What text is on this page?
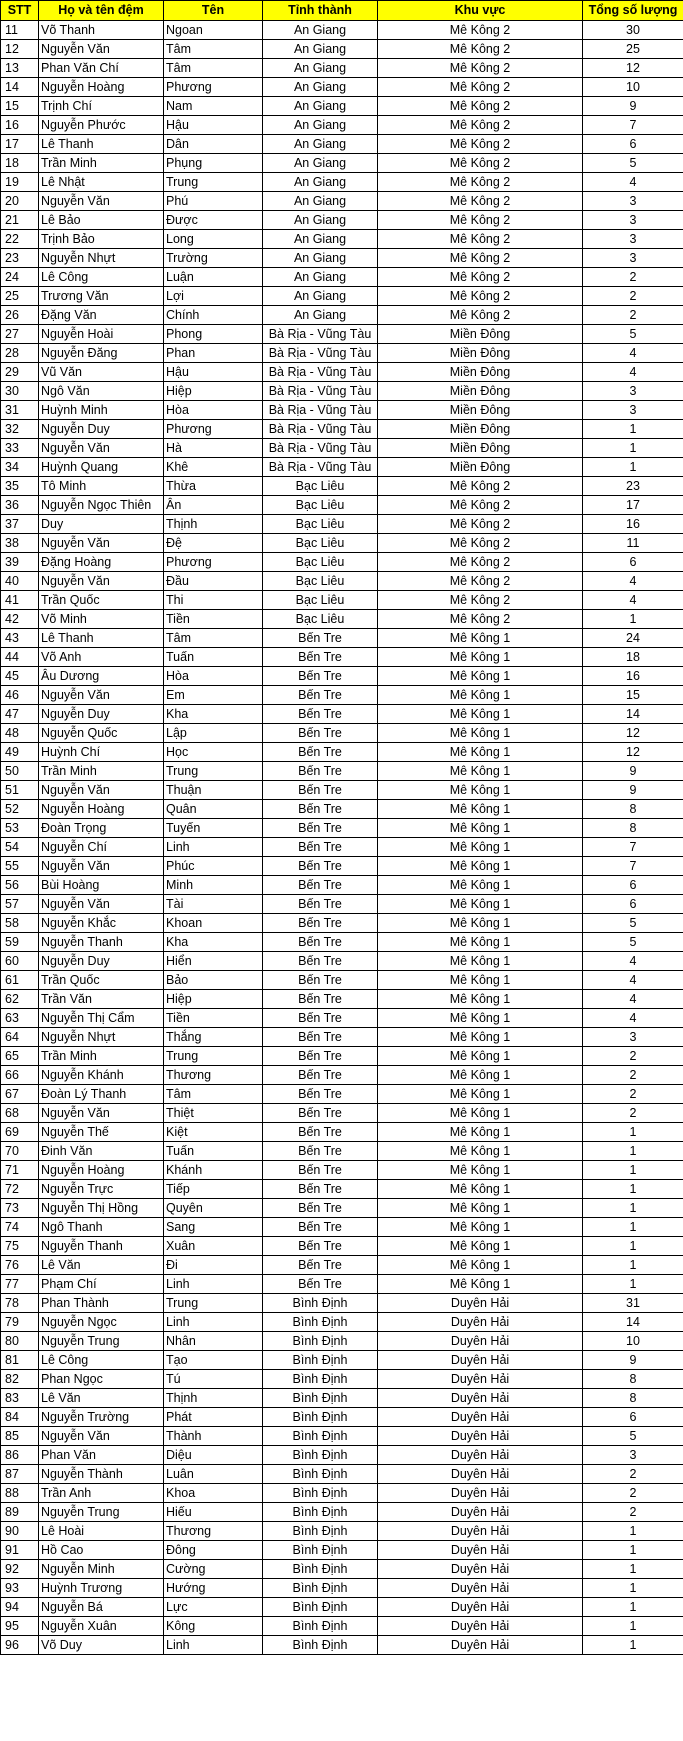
STT	Họ và tên đệm	Tên	Tỉnh thành	Khu vực	Tổng số lượng
11	Võ Thanh	Ngoan	An Giang	Mê Kông 2	30
12	Nguyễn Văn	Tâm	An Giang	Mê Kông 2	25
13	Phan Văn Chí	Tâm	An Giang	Mê Kông 2	12
14	Nguyễn Hoàng	Phương	An Giang	Mê Kông 2	10
15	Trịnh Chí	Nam	An Giang	Mê Kông 2	9
16	Nguyễn Phước	Hậu	An Giang	Mê Kông 2	7
17	Lê Thanh	Dân	An Giang	Mê Kông 2	6
18	Trần Minh	Phụng	An Giang	Mê Kông 2	5
19	Lê Nhật	Trung	An Giang	Mê Kông 2	4
20	Nguyễn Văn	Phú	An Giang	Mê Kông 2	3
21	Lê Bảo	Được	An Giang	Mê Kông 2	3
22	Trịnh Bảo	Long	An Giang	Mê Kông 2	3
23	Nguyễn Nhựt	Trường	An Giang	Mê Kông 2	3
24	Lê Công	Luận	An Giang	Mê Kông 2	2
25	Trương Văn	Lợi	An Giang	Mê Kông 2	2
26	Đặng Văn	Chính	An Giang	Mê Kông 2	2
27	Nguyễn Hoài	Phong	Bà Rịa - Vũng Tàu	Miền Đông	5
28	Nguyễn Đăng	Phan	Bà Rịa - Vũng Tàu	Miền Đông	4
29	Vũ Văn	Hậu	Bà Rịa - Vũng Tàu	Miền Đông	4
30	Ngô Văn	Hiệp	Bà Rịa - Vũng Tàu	Miền Đông	3
31	Huỳnh Minh	Hòa	Bà Rịa - Vũng Tàu	Miền Đông	3
32	Nguyễn Duy	Phương	Bà Rịa - Vũng Tàu	Miền Đông	1
33	Nguyễn Văn	Hà	Bà Rịa - Vũng Tàu	Miền Đông	1
34	Huỳnh Quang	Khê	Bà Rịa - Vũng Tàu	Miền Đông	1
35	Tô Minh	Thừa	Bạc Liêu	Mê Kông 2	23
36	Nguyễn Ngọc Thiên	Ân	Bạc Liêu	Mê Kông 2	17
37	Duy	Thịnh	Bạc Liêu	Mê Kông 2	16
38	Nguyễn Văn	Đệ	Bạc Liêu	Mê Kông 2	11
39	Đặng Hoàng	Phương	Bạc Liêu	Mê Kông 2	6
40	Nguyễn Văn	Đầu	Bạc Liêu	Mê Kông 2	4
41	Trần Quốc	Thi	Bạc Liêu	Mê Kông 2	4
42	Võ Minh	Tiền	Bạc Liêu	Mê Kông 2	1
43	Lê Thanh	Tâm	Bến Tre	Mê Kông 1	24
44	Võ Anh	Tuấn	Bến Tre	Mê Kông 1	18
45	Âu Dương	Hòa	Bến Tre	Mê Kông 1	16
46	Nguyễn Văn	Em	Bến Tre	Mê Kông 1	15
47	Nguyễn Duy	Kha	Bến Tre	Mê Kông 1	14
48	Nguyễn Quốc	Lập	Bến Tre	Mê Kông 1	12
49	Huỳnh Chí	Học	Bến Tre	Mê Kông 1	12
50	Trần Minh	Trung	Bến Tre	Mê Kông 1	9
51	Nguyễn Văn	Thuận	Bến Tre	Mê Kông 1	9
52	Nguyễn Hoàng	Quân	Bến Tre	Mê Kông 1	8
53	Đoàn Trọng	Tuyến	Bến Tre	Mê Kông 1	8
54	Nguyễn Chí	Linh	Bến Tre	Mê Kông 1	7
55	Nguyễn Văn	Phúc	Bến Tre	Mê Kông 1	7
56	Bùi Hoàng	Minh	Bến Tre	Mê Kông 1	6
57	Nguyễn Văn	Tài	Bến Tre	Mê Kông 1	6
58	Nguyễn Khắc	Khoan	Bến Tre	Mê Kông 1	5
59	Nguyễn Thanh	Kha	Bến Tre	Mê Kông 1	5
60	Nguyễn Duy	Hiển	Bến Tre	Mê Kông 1	4
61	Trần Quốc	Bảo	Bến Tre	Mê Kông 1	4
62	Trần Văn	Hiệp	Bến Tre	Mê Kông 1	4
63	Nguyễn Thị Cẩm	Tiền	Bến Tre	Mê Kông 1	4
64	Nguyễn Nhựt	Thắng	Bến Tre	Mê Kông 1	3
65	Trần Minh	Trung	Bến Tre	Mê Kông 1	2
66	Nguyễn Khánh	Thương	Bến Tre	Mê Kông 1	2
67	Đoàn Lý Thanh	Tâm	Bến Tre	Mê Kông 1	2
68	Nguyễn Văn	Thiệt	Bến Tre	Mê Kông 1	2
69	Nguyễn Thế	Kiệt	Bến Tre	Mê Kông 1	1
70	Đinh Văn	Tuấn	Bến Tre	Mê Kông 1	1
71	Nguyễn Hoàng	Khánh	Bến Tre	Mê Kông 1	1
72	Nguyễn Trực	Tiếp	Bến Tre	Mê Kông 1	1
73	Nguyễn Thị Hồng	Quyên	Bến Tre	Mê Kông 1	1
74	Ngô Thanh	Sang	Bến Tre	Mê Kông 1	1
75	Nguyễn Thanh	Xuân	Bến Tre	Mê Kông 1	1
76	Lê Văn	Đi	Bến Tre	Mê Kông 1	1
77	Phạm Chí	Linh	Bến Tre	Mê Kông 1	1
78	Phan Thành	Trung	Bình Định	Duyên Hải	31
79	Nguyễn Ngọc	Linh	Bình Định	Duyên Hải	14
80	Nguyễn Trung	Nhân	Bình Định	Duyên Hải	10
81	Lê Công	Tạo	Bình Định	Duyên Hải	9
82	Phan Ngọc	Tú	Bình Định	Duyên Hải	8
83	Lê Văn	Thịnh	Bình Định	Duyên Hải	8
84	Nguyễn Trường	Phát	Bình Định	Duyên Hải	6
85	Nguyễn Văn	Thành	Bình Định	Duyên Hải	5
86	Phan Văn	Diệu	Bình Định	Duyên Hải	3
87	Nguyễn Thành	Luân	Bình Định	Duyên Hải	2
88	Trần Anh	Khoa	Bình Định	Duyên Hải	2
89	Nguyễn Trung	Hiếu	Bình Định	Duyên Hải	2
90	Lê Hoài	Thương	Bình Định	Duyên Hải	1
91	Hồ Cao	Đông	Bình Định	Duyên Hải	1
92	Nguyễn Minh	Cường	Bình Định	Duyên Hải	1
93	Huỳnh Trương	Hướng	Bình Định	Duyên Hải	1
94	Nguyễn Bá	Lực	Bình Định	Duyên Hải	1
95	Nguyễn Xuân	Kông	Bình Định	Duyên Hải	1
96	Võ Duy	Linh	Bình Định	Duyên Hải	1
